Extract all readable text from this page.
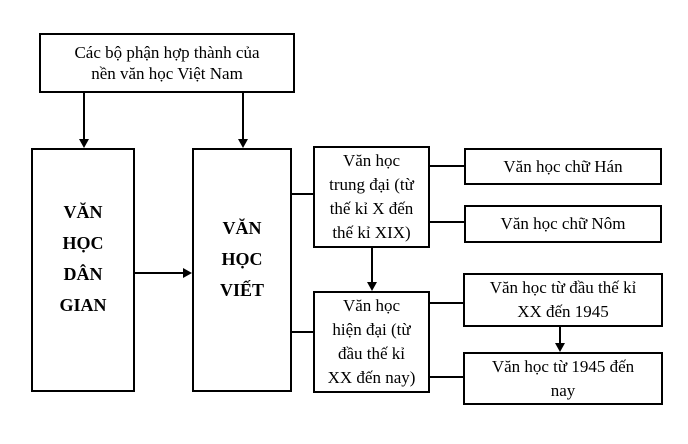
Các bộ phận hợp thành của
nền văn học Việt Nam
VĂN
HỌC
DÂN
GIAN
VĂN
HỌC
VIẾT
Văn học
trung đại (từ
thế kỉ X đến
thế kỉ XIX)
Văn học chữ Hán
Văn học chữ Nôm
Văn học
hiện đại (từ
đầu thế kỉ
XX đến nay)
Văn học từ đầu thế kỉ
XX đến 1945
Văn học từ 1945 đến
nay
